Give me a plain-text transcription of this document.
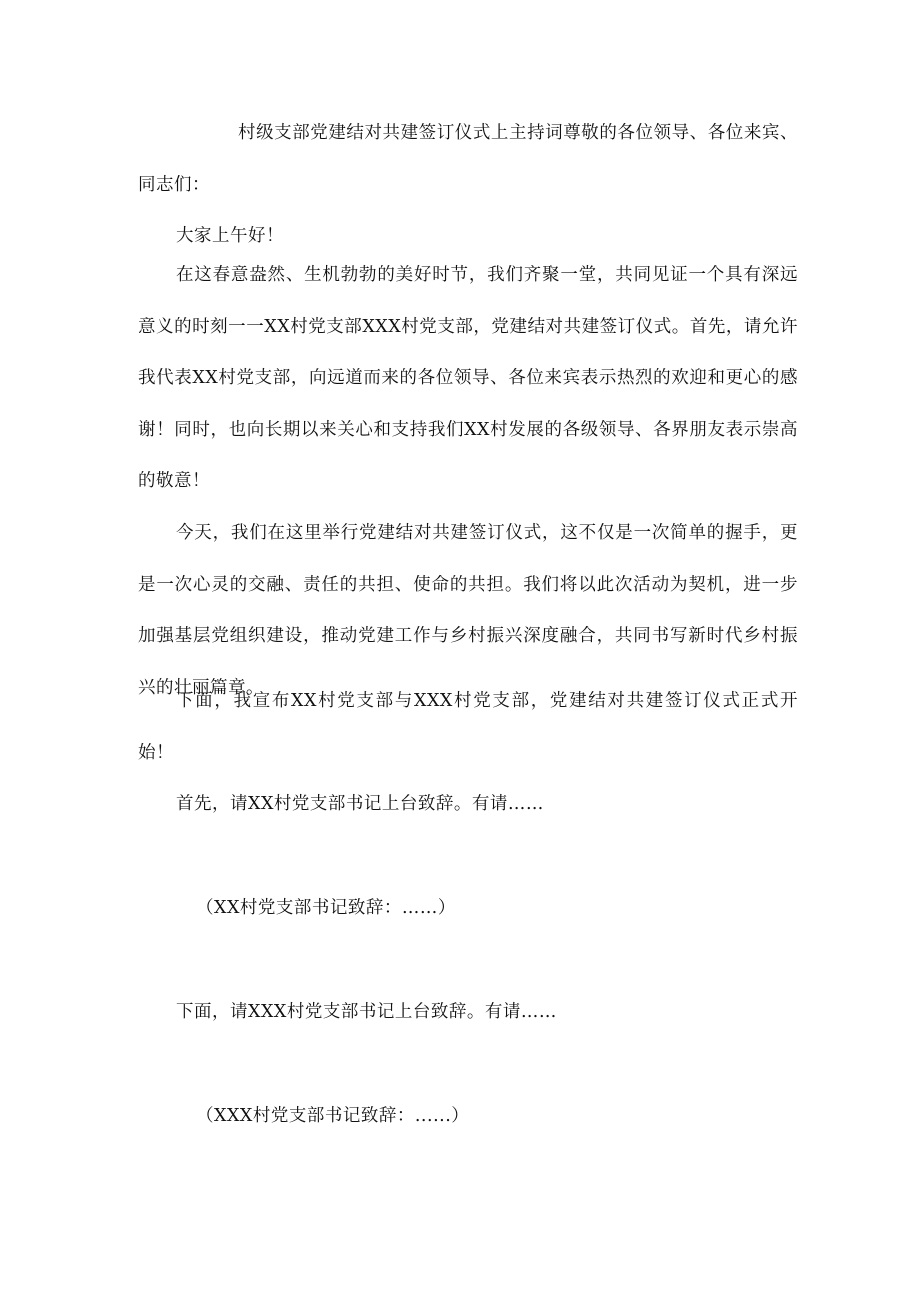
村级支部党建结对共建签订仪式上主持词尊敬的各位领导、各位来宾、同志们：

大家上午好！

在这春意盎然、生机勃勃的美好时节，我们齐聚一堂，共同见证一个具有深远意义的时刻一一XX村党支部XXX村党支部，党建结对共建签订仪式。首先，请允许我代表XX村党支部，向远道而来的各位领导、各位来宾表示热烈的欢迎和更心的感谢！同时，也向长期以来关心和支持我们XX村发展的各级领导、各界朋友表示崇高的敬意！

今天，我们在这里举行党建结对共建签订仪式，这不仅是一次简单的握手，更是一次心灵的交融、责任的共担、使命的共担。我们将以此次活动为契机，进一步加强基层党组织建设，推动党建工作与乡村振兴深度融合，共同书写新时代乡村振兴的壮丽篇章。

下面，我宣布XX村党支部与XXX村党支部，党建结对共建签订仪式正式开始！

首先，请XX村党支部书记上台致辞。有请……

（XX村党支部书记致辞：……）

下面，请XXX村党支部书记上台致辞。有请……

（XXX村党支部书记致辞：......）
